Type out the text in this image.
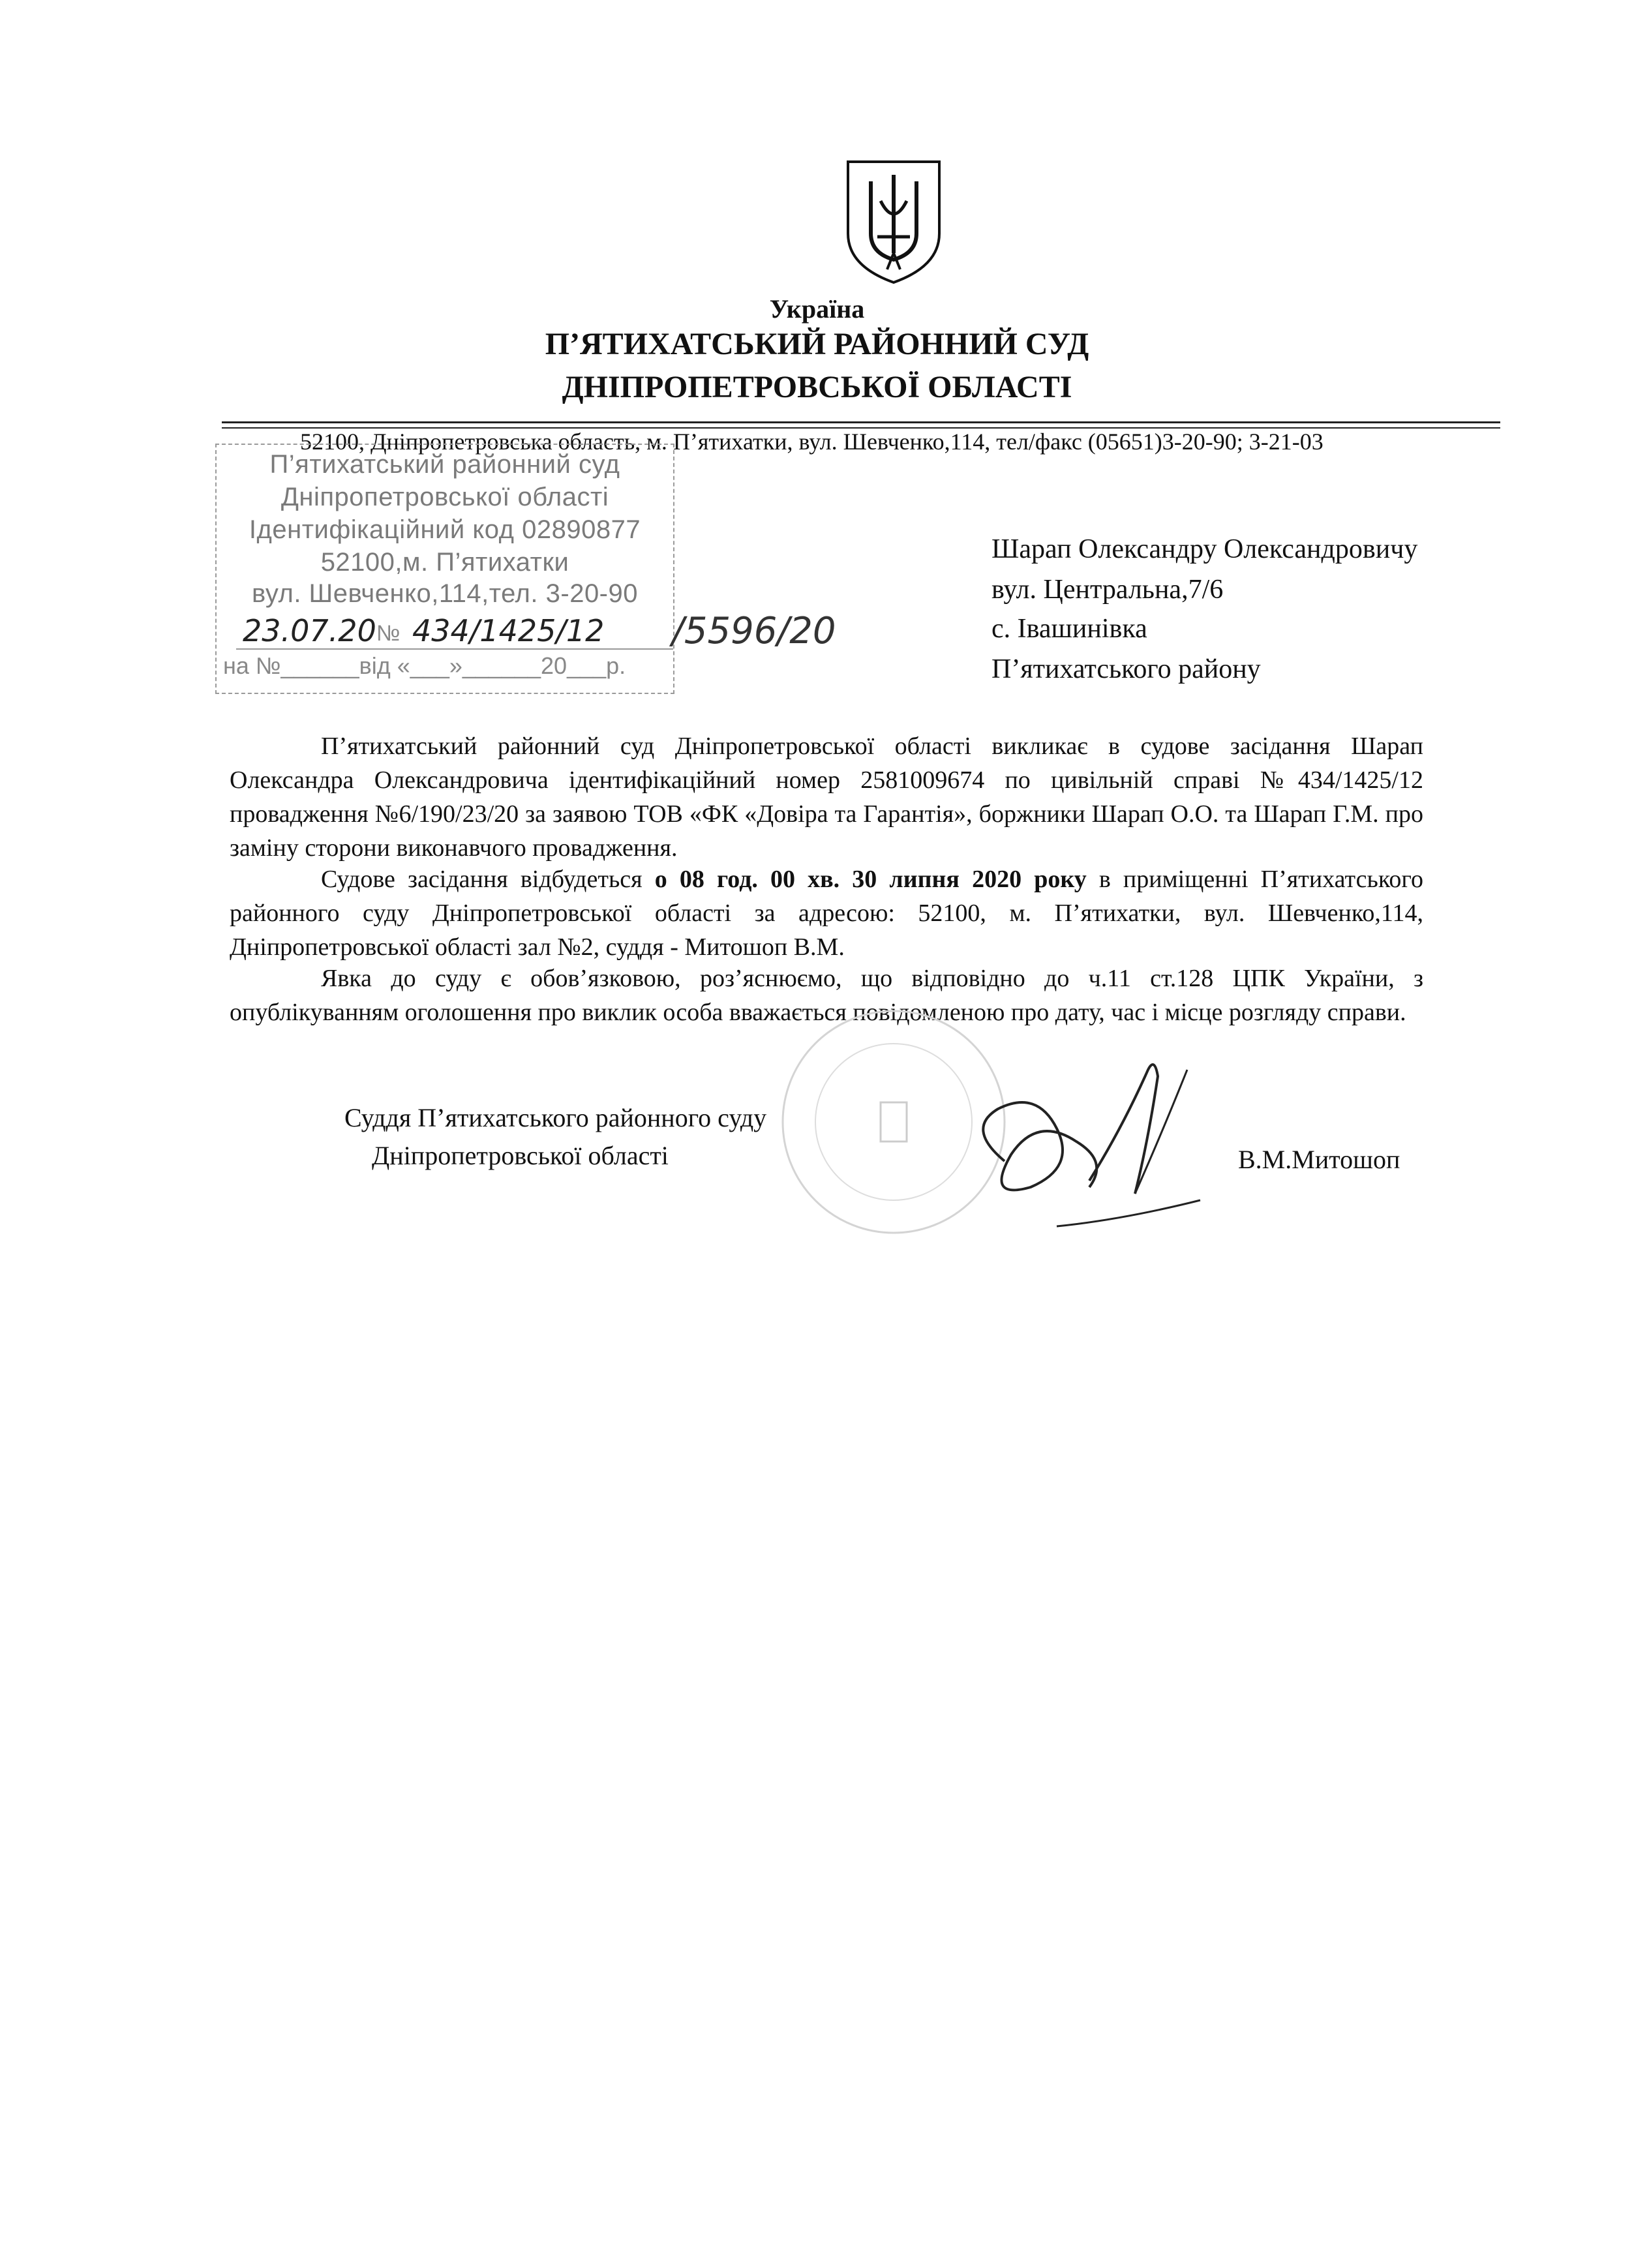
Україна
П’ЯТИХАТСЬКИЙ РАЙОННИЙ СУД
ДНІПРОПЕТРОВСЬКОЇ ОБЛАСТІ
52100, Дніпропетровська область, м. П’ятихатки, вул. Шевченко,114, тел/факс (05651)3-20-90; 3-21-03
П’ятихатський районний суд
Дніпропетровської області
Ідентифікаційний код 02890877
52100,м. П’ятихатки
вул. Шевченко,114,тел. 3-20-90
23.07.20 № 434/1425/12
на №______від «___»______20___р.
/5596/20
Шарап Олександру Олександровичу
вул. Центральна,7/6
с. Івашинівка
П’ятихатського району
П’ятихатський районний суд Дніпропетровської області викликає в судове засідання Шарап Олександра Олександровича ідентифікаційний номер 2581009674 по цивільній справі №434/1425/12 провадження №6/190/23/20 за заявою ТОВ «ФК «Довіра та Гарантія», боржники Шарап О.О. та Шарап Г.М. про заміну сторони виконавчого провадження.
Судове засідання відбудеться о 08 год. 00 хв. 30 липня 2020 року в приміщенні П’ятихатського районного суду Дніпропетровської області за адресою: 52100, м. П’ятихатки, вул. Шевченко,114, Дніпропетровської області зал №2, суддя - Митошоп В.М.
Явка до суду є обов’язковою, роз’яснюємо, що відповідно до ч.11 ст.128 ЦПК України, з опублікуванням оголошення про виклик особа вважається повідомленою про дату, час і місце розгляду справи.
Суддя П’ятихатського районного суду
Дніпропетровської області	В.М.Митошоп
